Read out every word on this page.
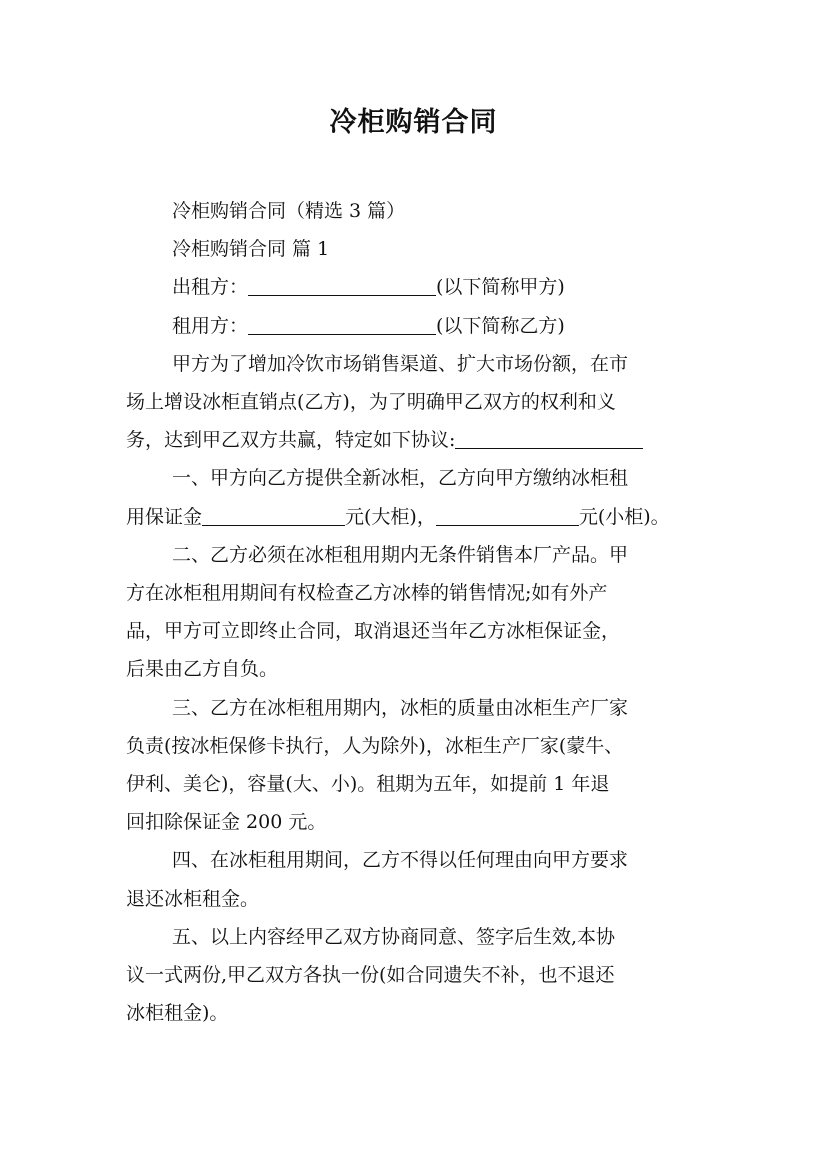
冷柜购销合同
冷柜购销合同（精选 3 篇）
冷柜购销合同 篇 1
出租方：	(以下简称甲方)
租用方：	(以下简称乙方)
甲方为了增加冷饮市场销售渠道、扩大市场份额，在市
场上增设冰柜直销点(乙方)，为了明确甲乙双方的权利和义
务，达到甲乙双方共赢，特定如下协议:
一、甲方向乙方提供全新冰柜，乙方向甲方缴纳冰柜租
用保证金	元(大柜)，	元(小柜)。
二、乙方必须在冰柜租用期内无条件销售本厂产品。甲
方在冰柜租用期间有权检查乙方冰棒的销售情况;如有外产
品，甲方可立即终止合同，取消退还当年乙方冰柜保证金，
后果由乙方自负。
三、乙方在冰柜租用期内，冰柜的质量由冰柜生产厂家
负责(按冰柜保修卡执行，人为除外)，冰柜生产厂家(蒙牛、
伊利、美仑)，容量(大、小)。租期为五年，如提前 1 年退
回扣除保证金 200 元。
四、在冰柜租用期间，乙方不得以任何理由向甲方要求
退还冰柜租金。
五、以上内容经甲乙双方协商同意、签字后生效,本协
议一式两份,甲乙双方各执一份(如合同遗失不补，也不退还
冰柜租金)。
